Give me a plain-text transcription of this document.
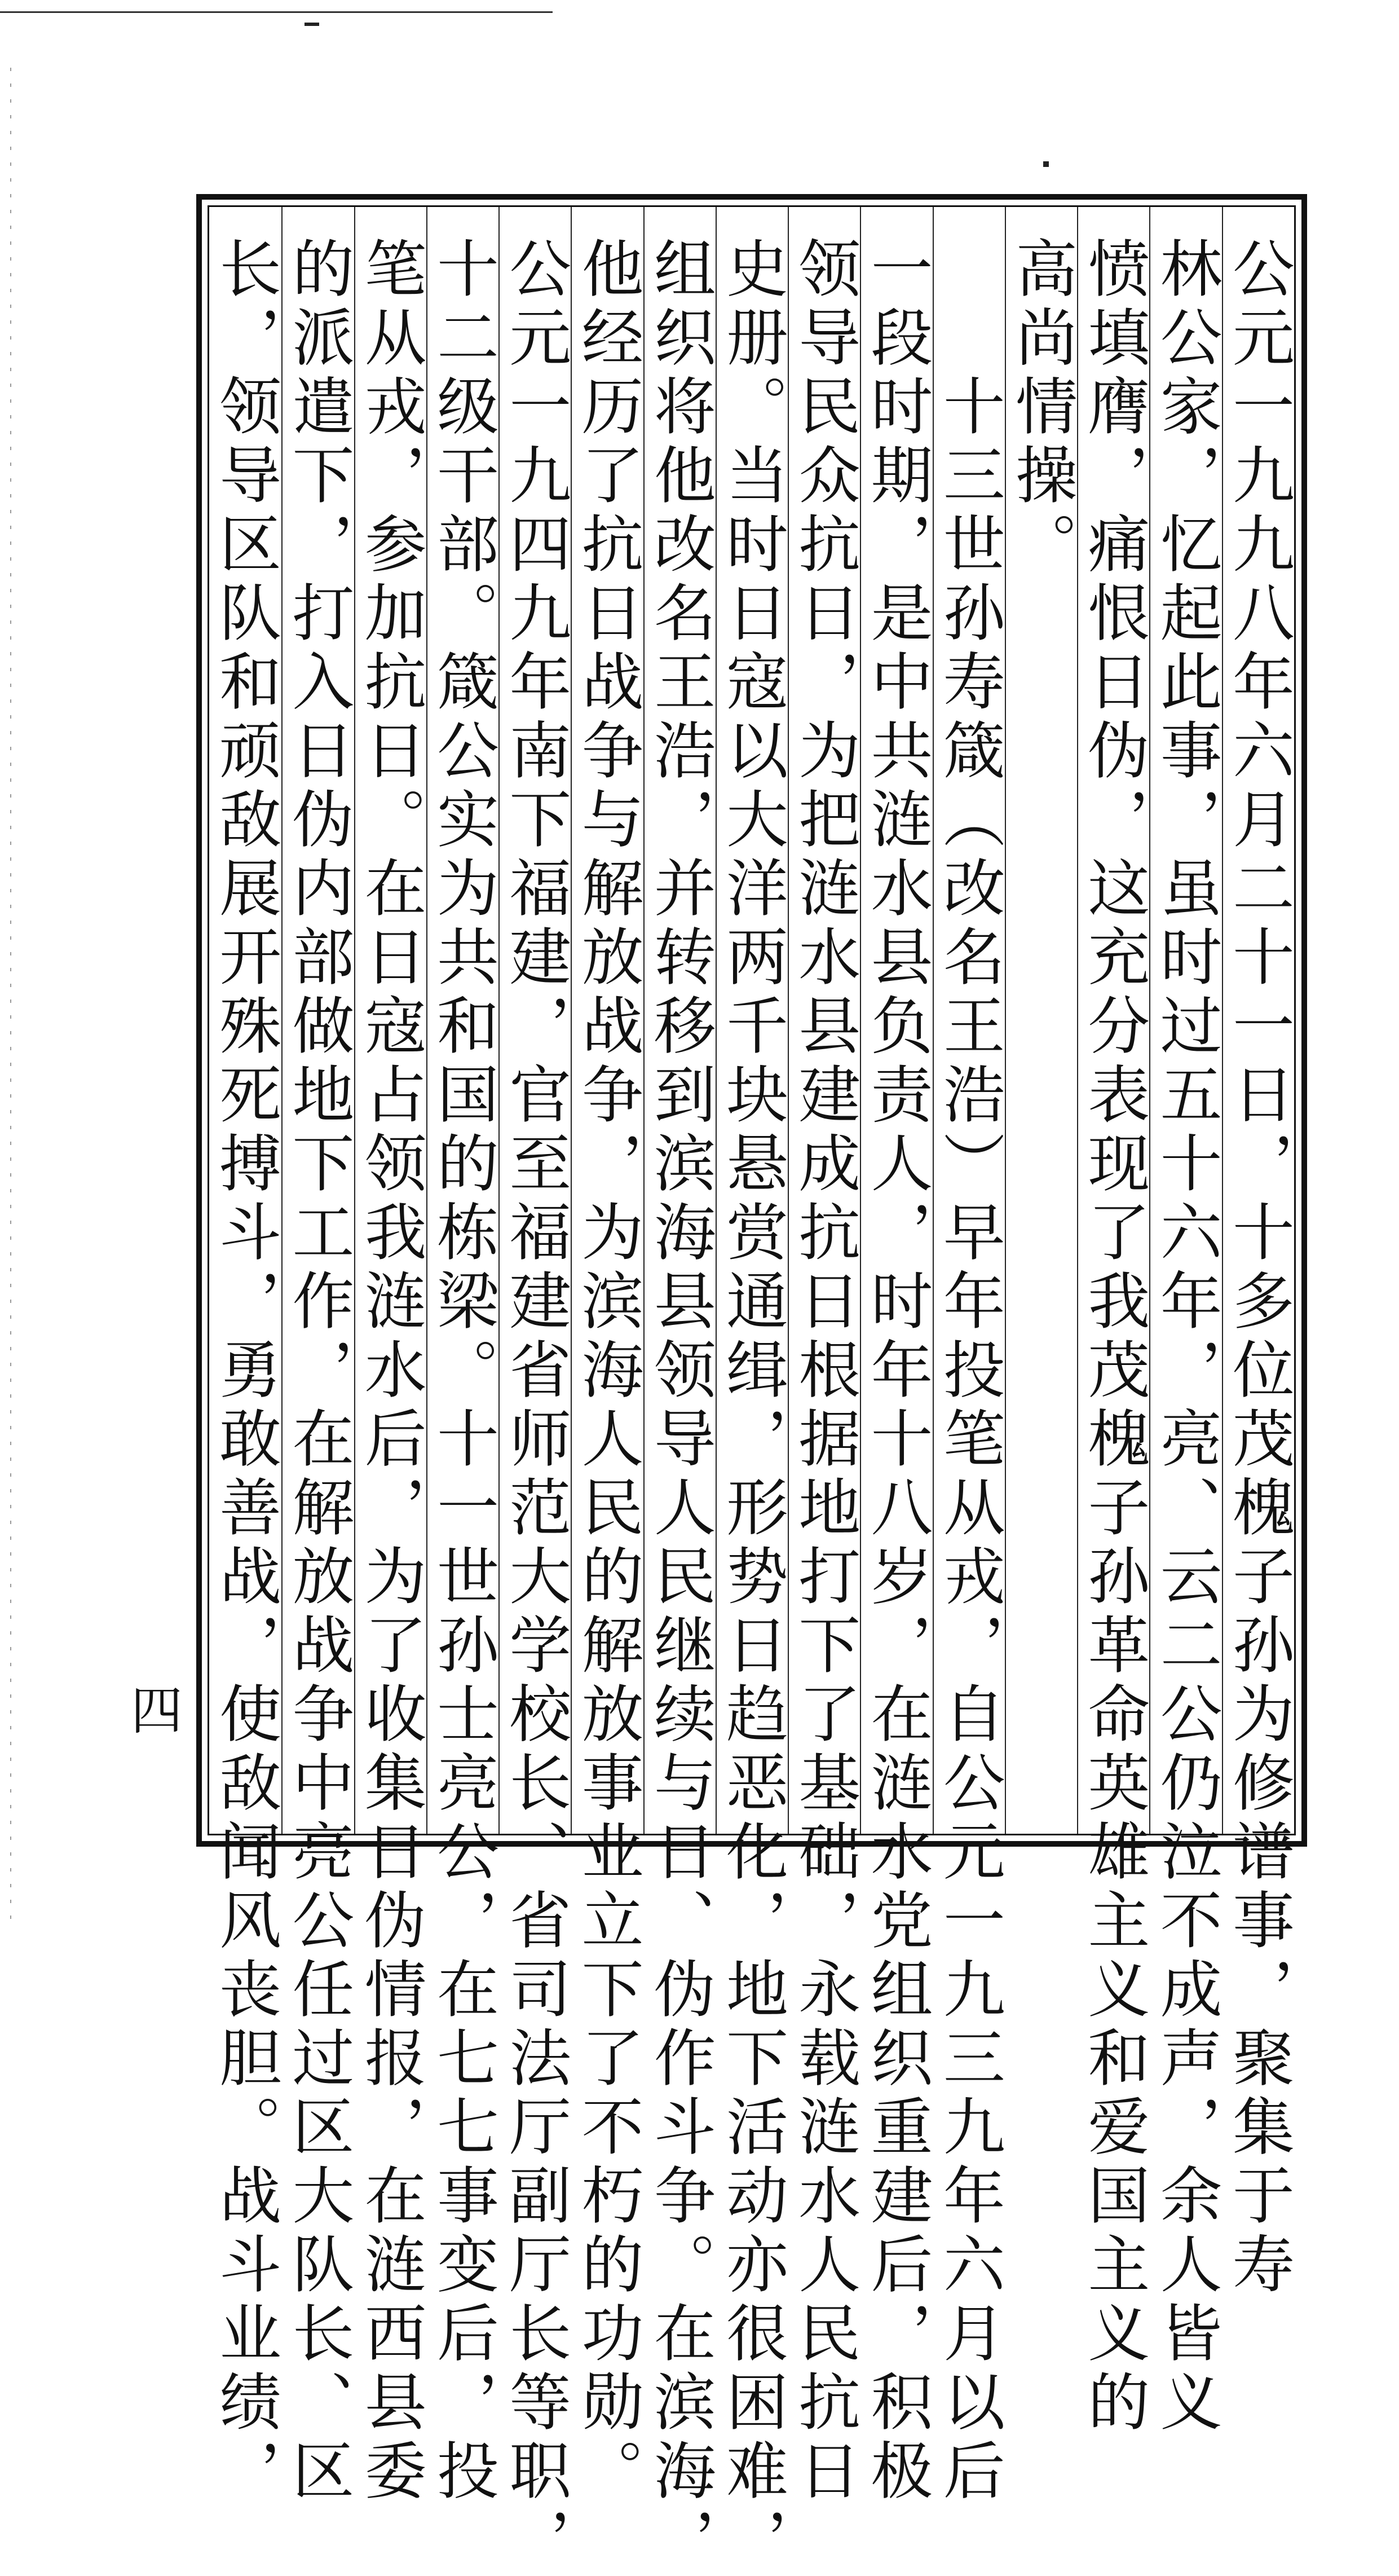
公元一九九八年六月二十一日，十多位茂槐子孙为修谱事，聚集于寿
林公家，忆起此事，虽时过五十六年，亮、云二公仍泣不成声，余人皆义
愤填膺，痛恨日伪，这充分表现了我茂槐子孙革命英雄主义和爱国主义的
高尚情操。
　　十三世孙寿箴（改名王浩）早年投笔从戎，自公元一九三九年六月以后
一段时期，是中共涟水县负责人，时年十八岁，在涟水党组织重建后，积极
领导民众抗日，为把涟水县建成抗日根据地打下了基础，永载涟水人民抗日
史册。当时日寇以大洋两千块悬赏通缉，形势日趋恶化，地下活动亦很困难，
组织将他改名王浩，并转移到滨海县领导人民继续与日、伪作斗争。在滨海，
他经历了抗日战争与解放战争，为滨海人民的解放事业立下了不朽的功勋。
公元一九四九年南下福建，官至福建省师范大学校长、省司法厅副厅长等职，
十二级干部。箴公实为共和国的栋梁。十一世孙士亮公，在七七事变后，投
笔从戎，参加抗日。在日寇占领我涟水后，为了收集日伪情报，在涟西县委
的派遣下，打入日伪内部做地下工作，在解放战争中亮公任过区大队长、区
长，领导区队和顽敌展开殊死搏斗，勇敢善战，使敌闻风丧胆。战斗业绩，
四
